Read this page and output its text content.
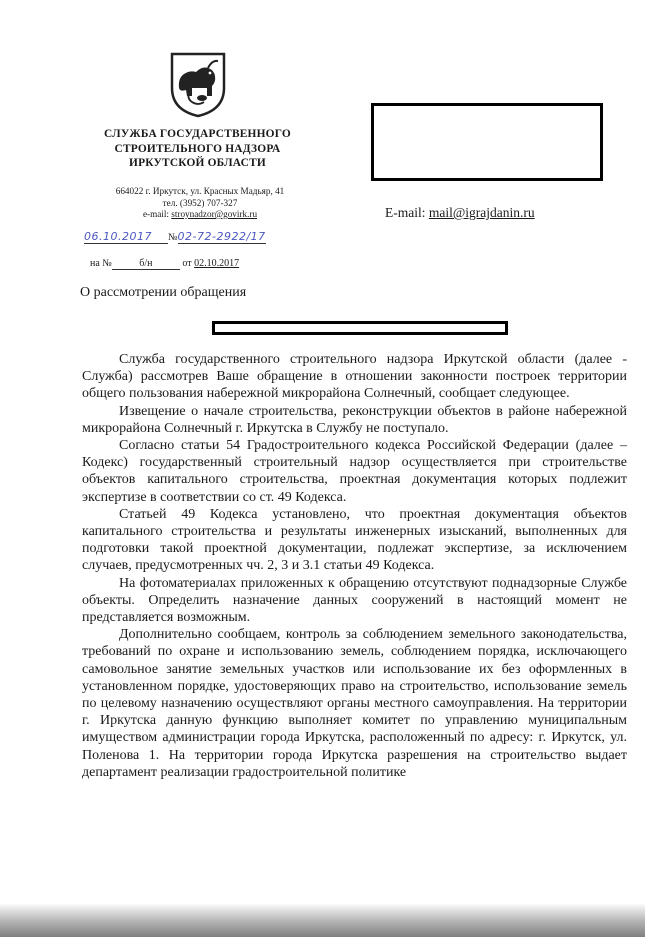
СЛУЖБА ГОСУДАРСТВЕННОГО
СТРОИТЕЛЬНОГО НАДЗОРА
ИРКУТСКОЙ ОБЛАСТИ
664022 г. Иркутск, ул. Красных Мадьяр, 41
тел. (3952) 707-327
e-mail: stroynadzor@govirk.ru
06.10.2017 №02-72-2922/17
на №	б/н	от 02.10.2017
О рассмотрении обращения
E-mail: mail@igrajdanin.ru

Служба государственного строительного надзора Иркутской области (далее - Служба) рассмотрев Ваше обращение в отношении законности построек территории общего пользования набережной микрорайона Солнечный, сообщает следующее.

Извещение о начале строительства, реконструкции объектов в районе набережной микрорайона Солнечный г. Иркутска в Службу не поступало.

Согласно статьи 54 Градостроительного кодекса Российской Федерации (далее – Кодекс) государственный строительный надзор осуществляется при строительстве объектов капитального строительства, проектная документация которых подлежит экспертизе в соответствии со ст. 49 Кодекса.

Статьей 49 Кодекса установлено, что проектная документация объектов капитального строительства и результаты инженерных изысканий, выполненных для подготовки такой проектной документации, подлежат экспертизе, за исключением случаев, предусмотренных чч. 2, 3 и 3.1 статьи 49 Кодекса.

На фотоматериалах приложенных к обращению отсутствуют поднадзорные Службе объекты. Определить назначение данных сооружений в настоящий момент не представляется возможным.

Дополнительно сообщаем, контроль за соблюдением земельного законодательства, требований по охране и использованию земель, соблюдением порядка, исключающего самовольное занятие земельных участков или использование их без оформленных в установленном порядке, удостоверяющих право на строительство, использование земель по целевому назначению осуществляют органы местного самоуправления. На территории г. Иркутска данную функцию выполняет комитет по управлению муниципальным имуществом администрации города Иркутска, расположенный по адресу: г. Иркутск, ул. Поленова 1. На территории города Иркутска разрешения на строительство выдает департамент реализации градостроительной политике
